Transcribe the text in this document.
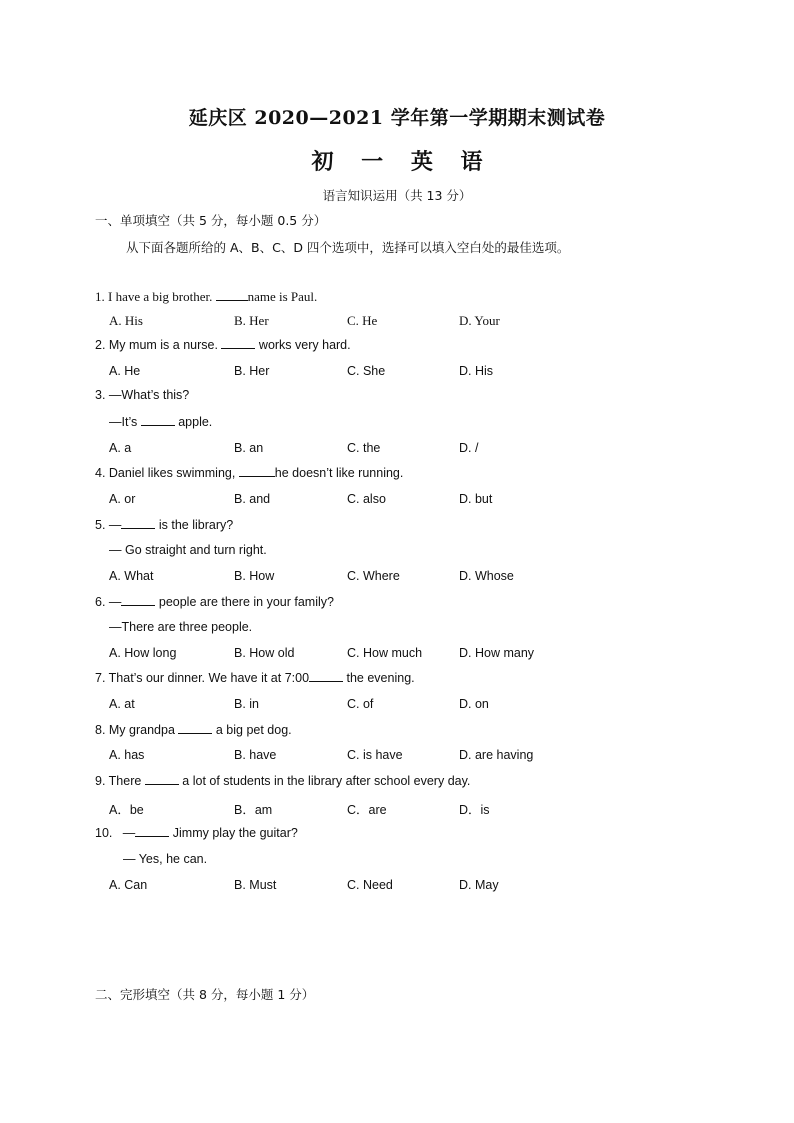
延庆区 2020—2021 学年第一学期期末测试卷
初 一 英 语
语言知识运用（共 13 分）
一、单项填空（共 5 分，每小题 0.5 分）
从下面各题所给的 A、B、C、D 四个选项中，选择可以填入空白处的最佳选项。
1. I have a big brother. name is Paul.
A. His	B. Her	C. He	D. Your
2. My mum is a nurse.	works very hard.
A. He	B. Her	C. She	D. His
3. —What’s this?
—It’s	apple.
A. a	B. an	C. the	D. /
4. Daniel likes swimming,	he doesn’t like running.
A. or	B. and	C. also	D. but
5. —	is the library?
— Go straight and turn right.
A. What	B. How	C. Where	D. Whose
6. —	people are there in your family?
—There are three people.
A. How long	B. How old	C. How much	D. How many
7. That’s our dinner. We have it at 7:00	the evening.
A. at	B. in	C. of	D. on
8. My grandpa	a big pet dog.
A. has	B. have	C. is have	D. are having
9. There	a lot of students in the library after school every day.
A．be	B．am	C．are	D．is
10.   —	Jimmy play the guitar?
— Yes, he can.
A. Can	B. Must	C. Need	D. May
二、完形填空（共 8 分，每小题 1 分）
